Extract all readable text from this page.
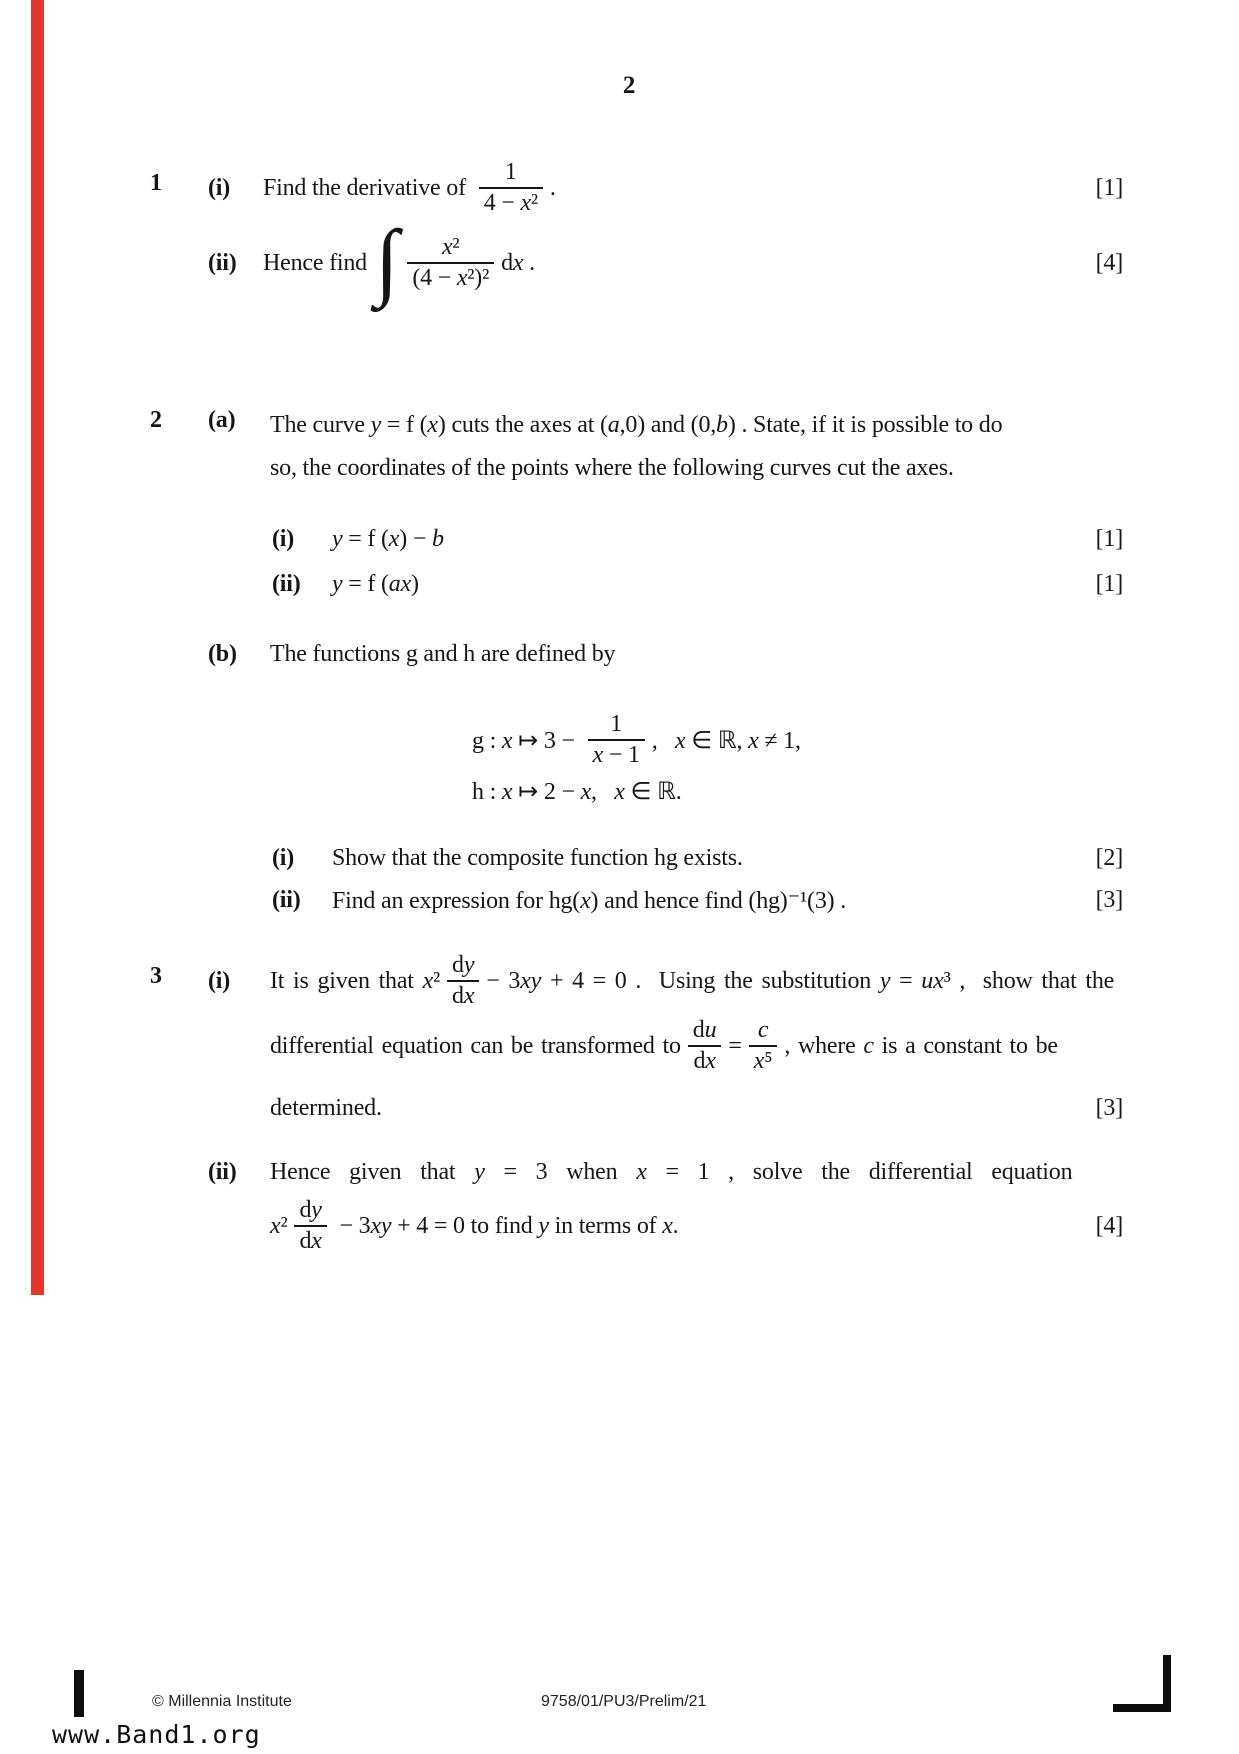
2
1 (i)	Find the derivative of $\frac{1}{\text{4 − x²}}$ .	[1]
(ii)	Hence find ∫ $\frac{\text{x²}}{\text{(4 − x²)²}}$ dx .	[4]
2 (a) The curve y = f (x) cuts the axes at (a,0) and (0,b) . State, if it is possible to do
so, the coordinates of the points where the following curves cut the axes.
(i)	y = f (x) − b	[1]
(ii)	y = f (ax)	[1]
(b)	The functions g and h are defined by
g : x ↦ $3 - \frac{1}{x - 1}$ ,   x ∈ ℝ, x ≠ 1,
h : x ↦ 2 − x,   x ∈ ℝ.
(i)	Show that the composite function hg exists.	[2]
(ii)	Find an expression for hg(x) and hence find (hg)⁻¹(3) .	[3]
3 (i)	It is given that $x^2 \frac{dy}{dx} - 3xy + 4 = 0$ .  Using the substitution y = ux³ ,  show that the
differential equation can be transformed to $\frac{du}{dx} = \frac{c}{\text{x⁵}}$ , where c is a constant to be
determined.	[3]
(ii)	Hence given that y = 3 when x = 1 , solve the differential equation
$x^2 \frac{dy}{dx} - 3xy + 4 = 0$ to find y in terms of x.	[4]
© Millennia Institute	9758/01/PU3/Prelim/21
www.Band1.org
